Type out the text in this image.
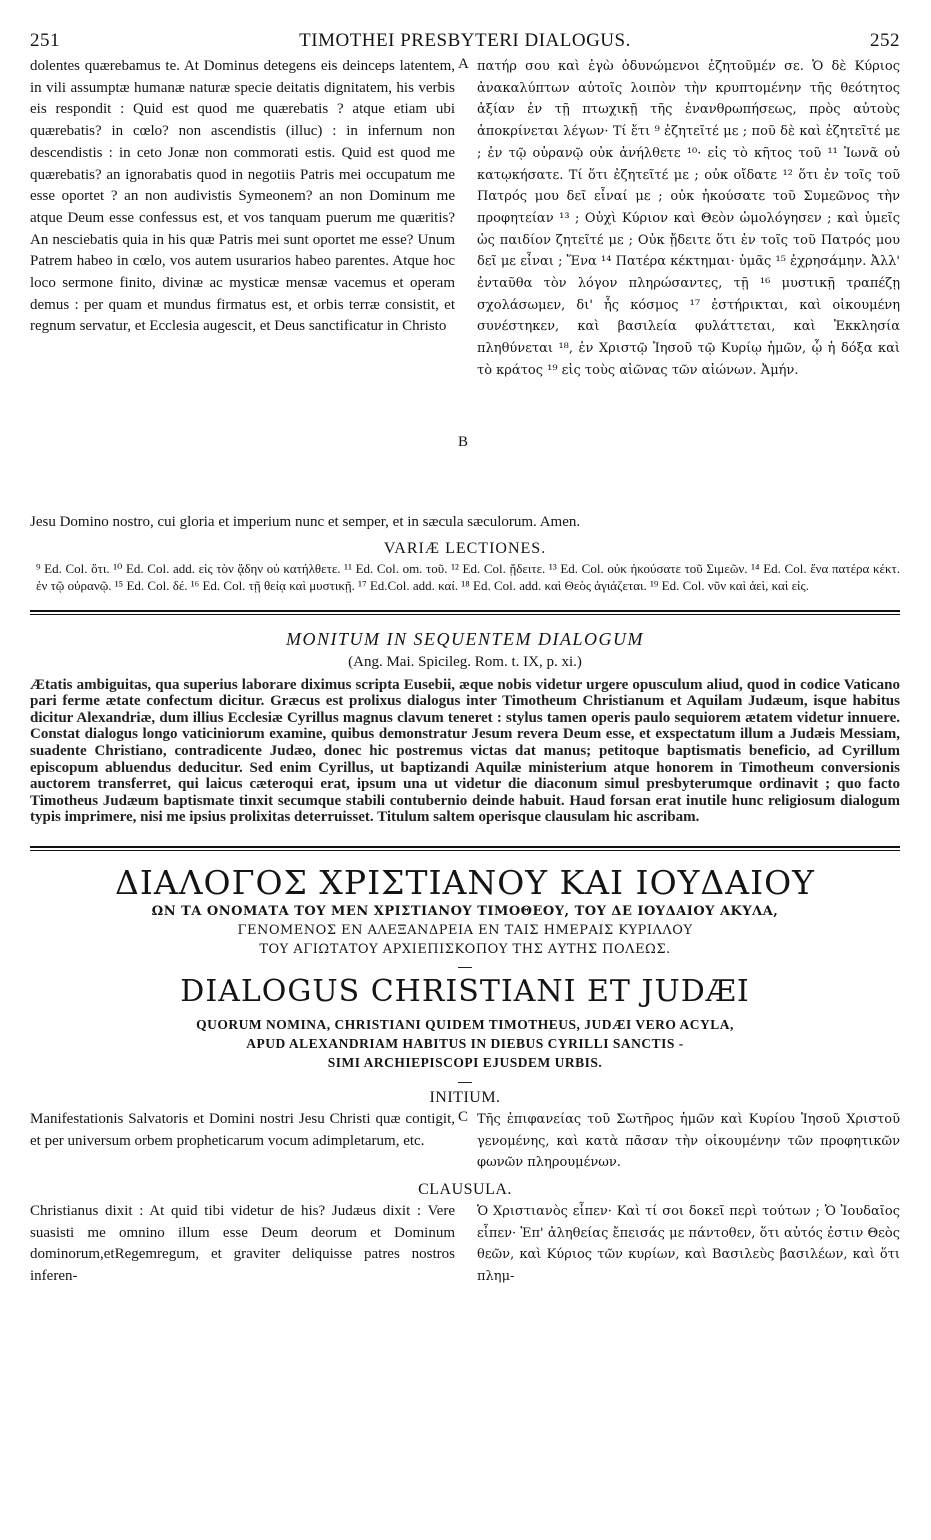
251	TIMOTHEI PRESBYTERI DIALOGUS.	252

dolentes quærebamus te. At Dominus detegens eis deinceps latentem, in vili assumptæ humanæ naturæ specie deitatis dignitatem, his verbis eis respondit : Quid est quod me quærebatis ? atque etiam ubi quærebatis? in cœlo? non ascendistis (illuc) : in infernum non descendistis : in ceto Jonæ non commorati estis. Quid est quod me quærebatis? an ignorabatis quod in negotiis Patris mei occupatum me esse oportet ? an non audivistis Symeonem? an non Dominum me atque Deum esse confessus est, et vos tanquam puerum me quæritis? An nesciebatis quia in his quæ Patris mei sunt oportet me esse? Unum Patrem habeo in cœlo, vos autem usurarios habeo parentes. Atque hoc loco sermone finito, divinæ ac mysticæ mensæ vacemus et operam demus : per quam et mundus firmatus est, et orbis terræ consistit, et regnum servatur, et Ecclesia augescit, et Deus sanctificatur in Christo

A
B

πατήρ σου καὶ ἐγὼ ὀδυνώμενοι ἐζητοῦμέν σε. Ὁ δὲ Κύριος ἀνακαλύπτων αὐτοῖς λοιπὸν τὴν κρυπτομένην τῆς θεότητος ἀξίαν ἐν τῇ πτωχικῇ τῆς ἐνανθρωπήσεως, πρὸς αὐτοὺς ἀποκρίνεται λέγων· Τί ἔτι ⁹ ἐζητεῖτέ με ; ποῦ δὲ καὶ ἐζητεῖτέ με ; ἐν τῷ οὐρανῷ οὐκ ἀνήλθετε ¹⁰· εἰς τὸ κῆτος τοῦ ¹¹ Ἰωνᾶ οὐ κατῳκήσατε. Τί ὅτι ἐζητεῖτέ με ; οὐκ οἴδατε ¹² ὅτι ἐν τοῖς τοῦ Πατρός μου δεῖ εἶναί με ; οὐκ ἠκούσατε τοῦ Συμεῶνος τὴν προφητείαν ¹³ ; Οὐχὶ Κύριον καὶ Θεὸν ὡμολόγησεν ; καὶ ὑμεῖς ὡς παιδίον ζητεῖτέ με ; Οὐκ ᾔδειτε ὅτι ἐν τοῖς τοῦ Πατρός μου δεῖ με εἶναι ; Ἕνα ¹⁴ Πατέρα κέκτημαι· ὑμᾶς ¹⁵ ἐχρησάμην. Ἀλλ' ἐνταῦθα τὸν λόγον πληρώσαντες, τῇ ¹⁶ μυστικῇ τραπέζῃ σχολάσωμεν, δι' ἧς κόσμος ¹⁷ ἐστήρικται, καὶ οἰκουμένη συνέστηκεν, καὶ βασιλεία φυλάττεται, καὶ Ἐκκλησία πληθύνεται ¹⁸, ἐν Χριστῷ Ἰησοῦ τῷ Κυρίῳ ἡμῶν, ᾧ ἡ δόξα καὶ τὸ κράτος ¹⁹ εἰς τοὺς αἰῶνας τῶν αἰώνων. Ἀμήν.

Jesu Domino nostro, cui gloria et imperium nunc et semper, et in sæcula sæculorum. Amen.
VARIÆ LECTIONES.
⁹ Ed. Col. ὅτι. ¹⁰ Ed. Col. add. εἰς τὸν ᾅδην οὐ κατήλθετε. ¹¹ Ed. Col. om. τοῦ. ¹² Ed. Col. ᾔδειτε. ¹³ Ed. Col. οὐκ ἠκούσατε τοῦ Σιμεῶν. ¹⁴ Ed. Col. ἕνα πατέρα κέκτ. ἐν τῷ οὐρανῷ. ¹⁵ Ed. Col. δέ. ¹⁶ Ed. Col. τῇ θείᾳ καὶ μυστικῇ. ¹⁷ Ed.Col. add. καί. ¹⁸ Ed. Col. add. καὶ Θεὸς ἁγιάζεται. ¹⁹ Ed. Col. νῦν καὶ ἀεὶ, καὶ εἰς.
MONITUM IN SEQUENTEM DIALOGUM
(Ang. Mai. Spicileg. Rom. t. IX, p. xi.)
Ætatis ambiguitas, qua superius laborare diximus scripta Eusebii, æque nobis videtur urgere opusculum aliud, quod in codice Vaticano pari ferme ætate confectum dicitur. Græcus est prolixus dialogus inter Timotheum Christianum et Aquilam Judæum, isque habitus dicitur Alexandriæ, dum illius Ecclesiæ Cyrillus magnus clavum teneret : stylus tamen operis paulo sequiorem ætatem videtur innuere. Constat dialogus longo vaticiniorum examine, quibus demonstratur Jesum revera Deum esse, et exspectatum illum a Judæis Messiam, suadente Christiano, contradicente Judæo, donec hic postremus victas dat manus; petitoque baptismatis beneficio, ad Cyrillum episcopum abluendus deducitur. Sed enim Cyrillus, ut baptizandi Aquilæ ministerium atque honorem in Timotheum conversionis auctorem transferret, qui laicus cæteroqui erat, ipsum una ut videtur die diaconum simul presbyterumque ordinavit ; quo facto Timotheus Judæum baptismate tinxit secumque stabili contubernio deinde habuit. Haud forsan erat inutile hunc religiosum dialogum typis imprimere, nisi me ipsius prolixitas deterruisset. Titulum saltem operisque clausulam hic ascribam.
ΔΙΑΛΟΓΟΣ ΧΡΙΣΤΙΑΝΟΥ ΚΑΙ ΙΟΥΔΑΙΟΥ
ΩΝ ΤΑ ΟΝΟΜΑΤΑ ΤΟΥ ΜΕΝ ΧΡΙΣΤΙΑΝΟΥ ΤΙΜΟΘΕΟΥ, ΤΟΥ ΔΕ ΙΟΥΔΑΙΟΥ ΑΚΥΛΑ,
ΓΕΝΟΜΕΝΟΣ ΕΝ ΑΛΕΞΑΝΔΡΕΙΑ ΕΝ ΤΑΙΣ ΗΜΕΡΑΙΣ ΚΥΡΙΛΛΟΥ
ΤΟΥ ΑΓΙΩΤΑΤΟΥ ΑΡΧΙΕΠΙΣΚΟΠΟΥ ΤΗΣ ΑΥΤΗΣ ΠΟΛΕΩΣ.
DIALOGUS CHRISTIANI ET JUDÆI
QUORUM NOMINA, CHRISTIANI QUIDEM TIMOTHEUS, JUDÆI VERO ACYLA,
APUD ALEXANDRIAM HABITUS IN DIEBUS CYRILLI SANCTIS -
SIMI ARCHIEPISCOPI EJUSDEM URBIS.
INITIUM.

Manifestationis Salvatoris et Domini nostri Jesu Christi quæ contigit, et per universum orbem propheticarum vocum adimpletarum, etc.

C Τῆς ἐπιφανείας τοῦ Σωτῆρος ἡμῶν καὶ Κυρίου Ἰησοῦ Χριστοῦ γενομένης, καὶ κατὰ πᾶσαν τὴν οἰκουμένην τῶν προφητικῶν φωνῶν πληρουμένων.

CLAUSULA.

Christianus dixit : At quid tibi videtur de his? Judæus dixit : Vere suasisti me omnino illum esse Deum deorum et Dominum dominorum,etRegemregum, et graviter deliquisse patres nostros inferen-

Ὁ Χριστιανὸς εἶπεν· Καὶ τί σοι δοκεῖ περὶ τούτων ; Ὁ Ἰουδαῖος εἶπεν· Ἐπ' ἀληθείας ἔπεισάς με πάντοθεν, ὅτι αὐτός ἐστιν Θεὸς θεῶν, καὶ Κύριος τῶν κυρίων, καὶ Βασιλεὺς βασιλέων, καὶ ὅτι πλημ-
